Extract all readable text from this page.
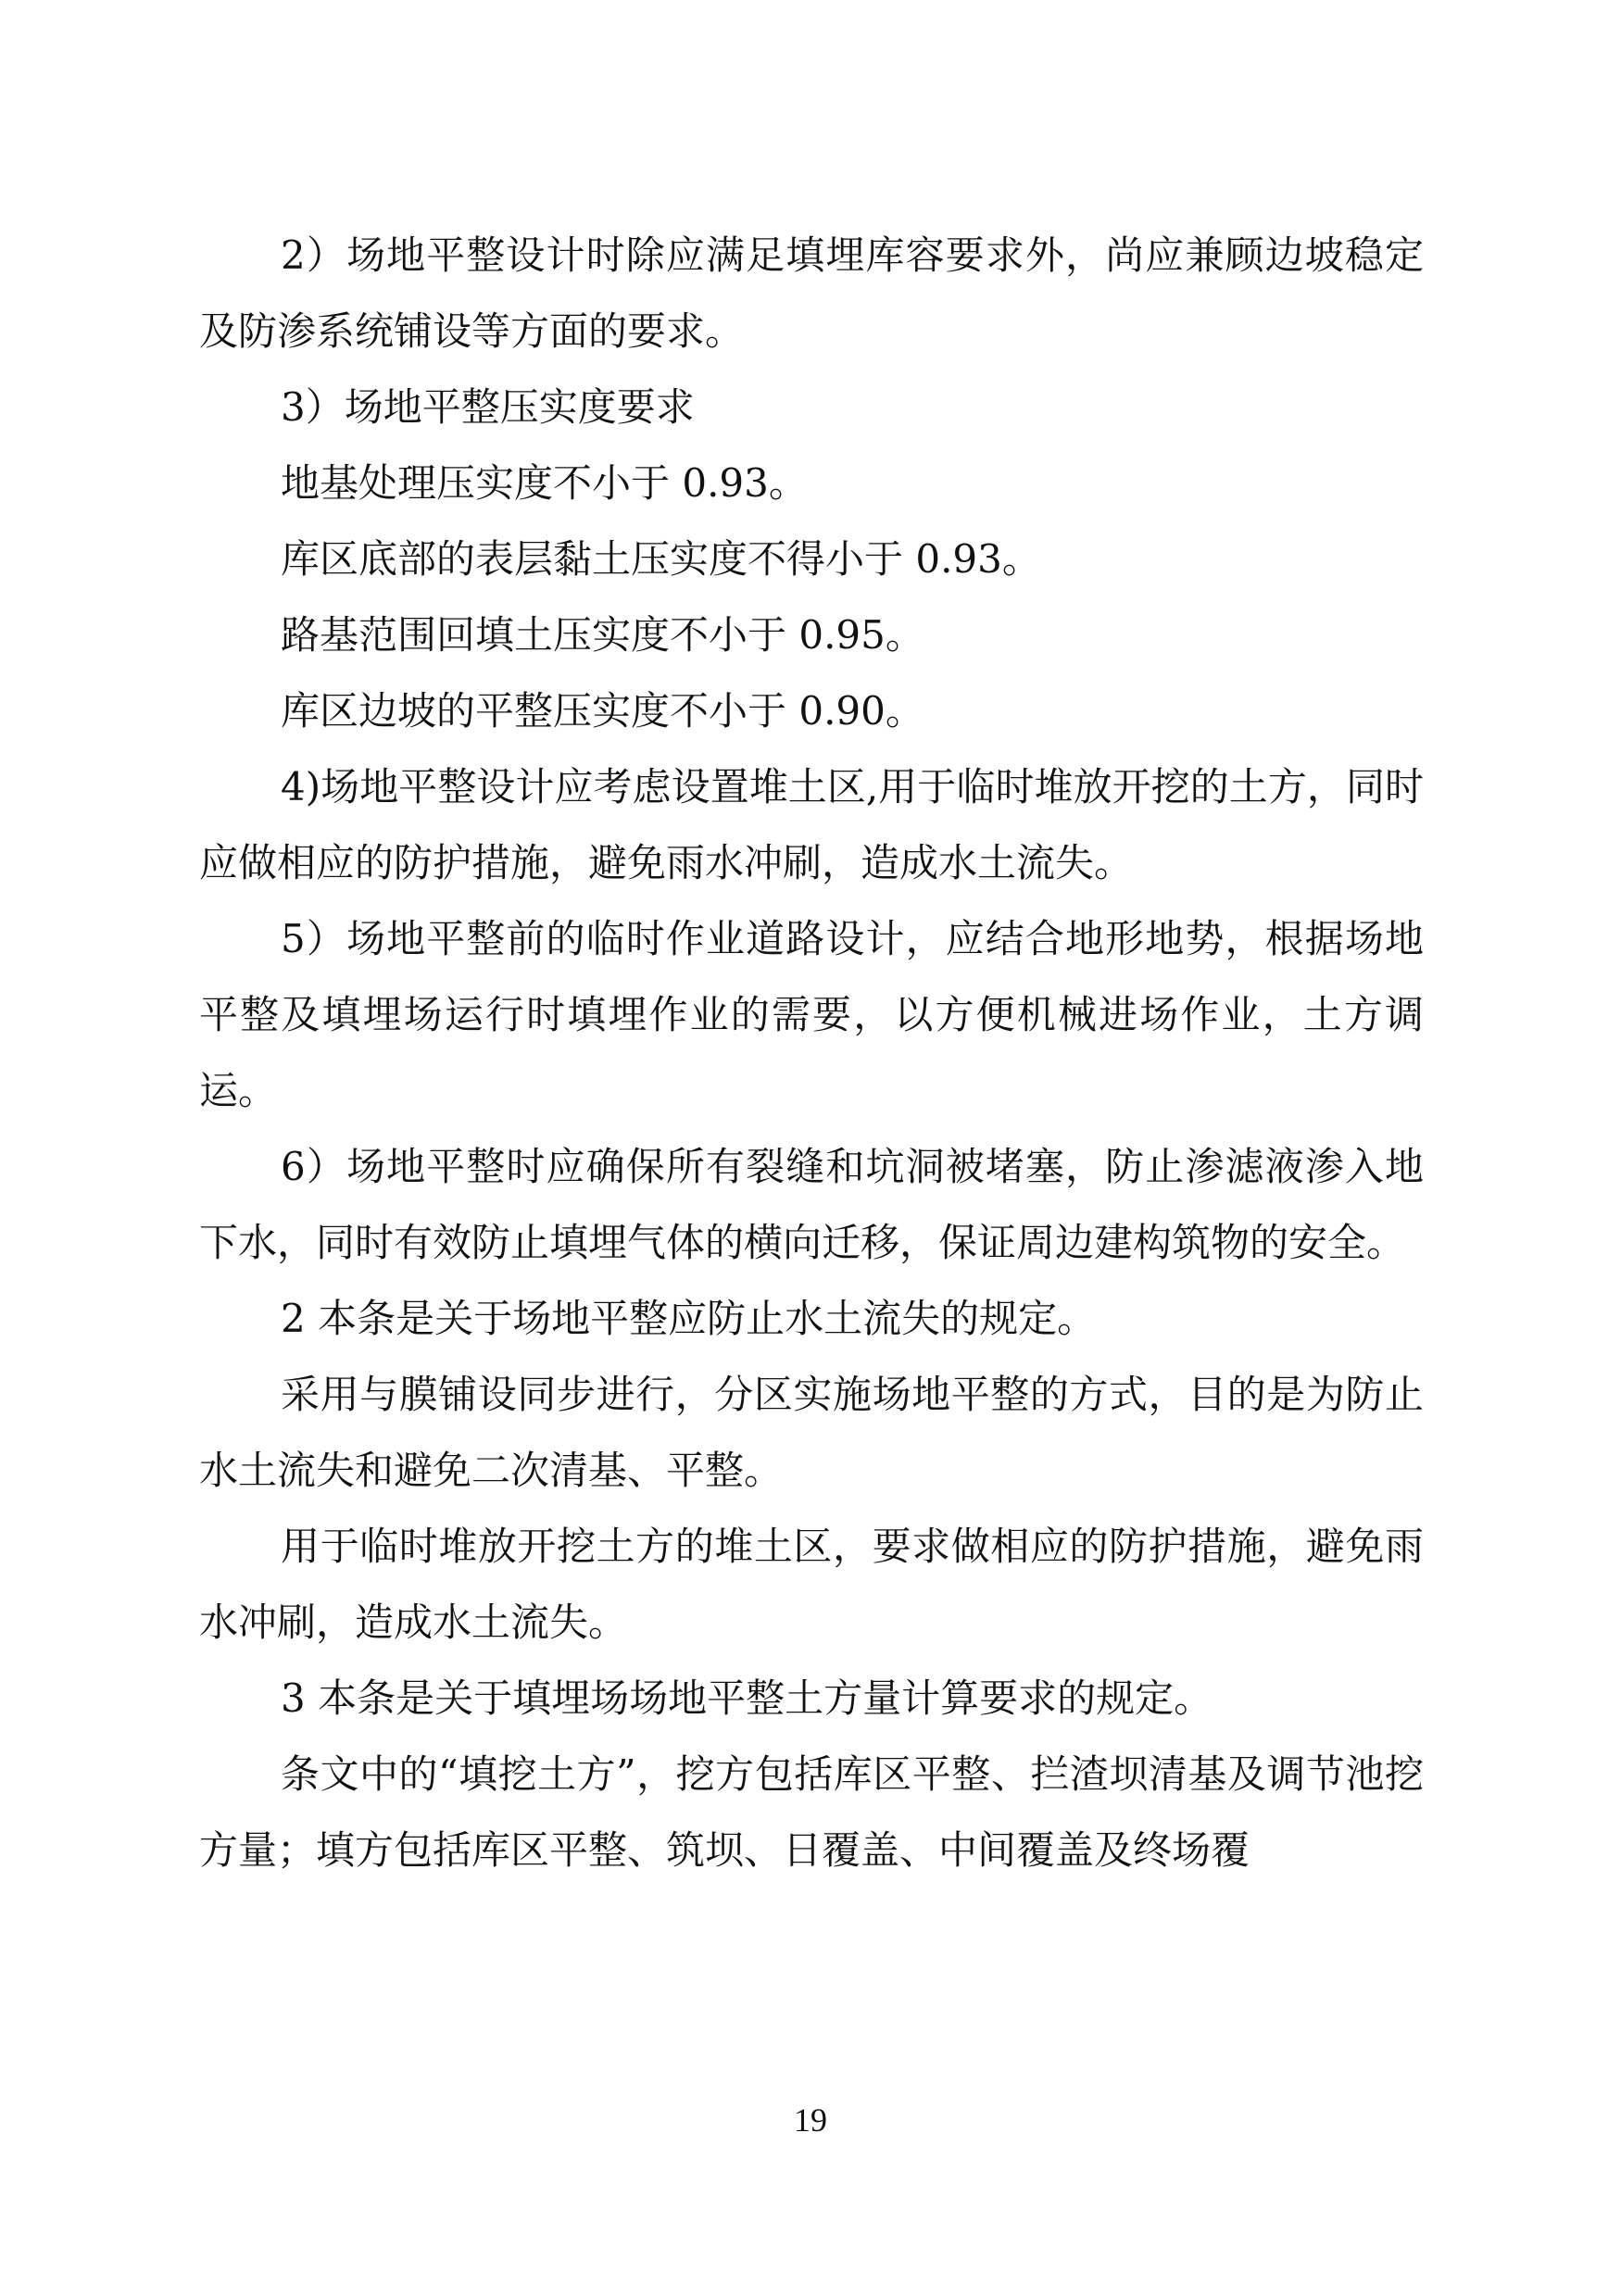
2）场地平整设计时除应满足填埋库容要求外，尚应兼顾边坡稳定及防渗系统铺设等方面的要求。

3）场地平整压实度要求

地基处理压实度不小于 0.93。

库区底部的表层黏土压实度不得小于 0.93。

路基范围回填土压实度不小于 0.95。

库区边坡的平整压实度不小于 0.90。

4)场地平整设计应考虑设置堆土区,用于临时堆放开挖的土方，同时应做相应的防护措施，避免雨水冲刷，造成水土流失。

5）场地平整前的临时作业道路设计，应结合地形地势，根据场地平整及填埋场运行时填埋作业的需要，以方便机械进场作业，土方调运。

6）场地平整时应确保所有裂缝和坑洞被堵塞，防止渗滤液渗入地下水，同时有效防止填埋气体的横向迁移，保证周边建构筑物的安全。

2 本条是关于场地平整应防止水土流失的规定。

采用与膜铺设同步进行，分区实施场地平整的方式，目的是为防止水土流失和避免二次清基、平整。

用于临时堆放开挖土方的堆土区，要求做相应的防护措施，避免雨水冲刷，造成水土流失。

3 本条是关于填埋场场地平整土方量计算要求的规定。

条文中的“填挖土方”，挖方包括库区平整、拦渣坝清基及调节池挖方量；填方包括库区平整、筑坝、日覆盖、中间覆盖及终场覆

19
